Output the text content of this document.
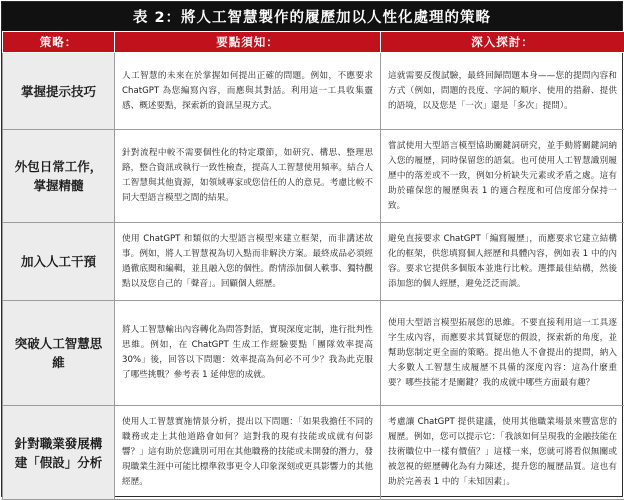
表 2：將人工智慧製作的履歷加以人性化處理的策略
策略：	要點須知：	深入探討：
掌握提示技巧	人工智慧的未來在於掌握如何提出正確的問題。例如，不應要求 ChatGPT 為您編寫內容，而應與其對話。利用這一工具收集靈感、概述要點，探索新的資訊呈現方式。	這就需要反復試驗，最終回歸問題本身——您的提問內容和方式（例如，問題的長度、字詞的順序、使用的措辭、提供的語境，以及您是「一次」還是「多次」提問）。
外包日常工作，掌握精髓	針對流程中較不需要個性化的特定環節，如研究、構思、整理思路，整合資訊或執行一致性檢查，提高人工智慧使用頻率。結合人工智慧與其他資源，如領域專家或您信任的人的意見。考慮比較不同大型語言模型之間的結果。	嘗試使用大型語言模型協助關鍵詞研究，並手動將關鍵詞納入您的履歷，同時保留您的語氣。也可使用人工智慧識別履歷中的落差或不一致，例如分析缺失元素或矛盾之處。這有助於確保您的履歷與表 1 的適合程度和可信度部分保持一致。
加入人工干預	使用 ChatGPT 和類似的大型語言模型來建立框架，而非講述故事。例如，將人工智慧視為切入點而非解決方案。最終成品必須經過徹底閱和編輯，並且融入您的個性。酌情添加個人軼事、獨特觀點以及您自己的「聲音」。回顧個人經歷。	避免直接要求 ChatGPT「編寫履歷」，而應要求它建立結構化的框架，供您填寫個人經歷和具體內容，例如表 1 中的內容。要求它提供多個版本並進行比較。選擇最佳結構，然後添加您的個人經歷，避免泛泛而談。
突破人工智慧思維	將人工智慧輸出內容轉化為問答對話，實現深度定制，進行批判性思維。例如，在 ChatGPT 生成工作經驗要點「團隊效率提高 30%」後，回答以下問題：效率提高為何必不可少？我為此克服了哪些挑戰？參考表 1 延伸您的成就。	使用大型語言模型拓展您的思維。不要直接利用這一工具逐字生成內容，而應要求其質疑您的假設，探索新的角度，並幫助您制定更全面的策略。提出他人不會提出的提問，納入大多數人工智慧生成履歷不具備的深度內容：這為什麼重要？哪些技能才是關鍵？我的成就中哪些方面最有趣？
針對職業發展構建「假設」分析	使用人工智慧實施情景分析，提出以下問題：「如果我擔任不同的職務或走上其他道路會如何？這對我的現有技能或成就有何影響？」這有助於您識別可用在其他職務的技能或未開發的潛力，發現職業生涯中可能比標準敘事更令人印象深刻或更具影響力的其他經歷。	考慮讓 ChatGPT 提供建議，使用其他職業場景來豐富您的履歷。例如，您可以提示它：「我該如何呈現我的金融技能在技術職位中一樣有價值？」這樣一來，您就可將看似無關或被忽視的經歷轉化為有力陳述，提升您的履歷品質。這也有助於完善表 1 中的「未知因素」。
